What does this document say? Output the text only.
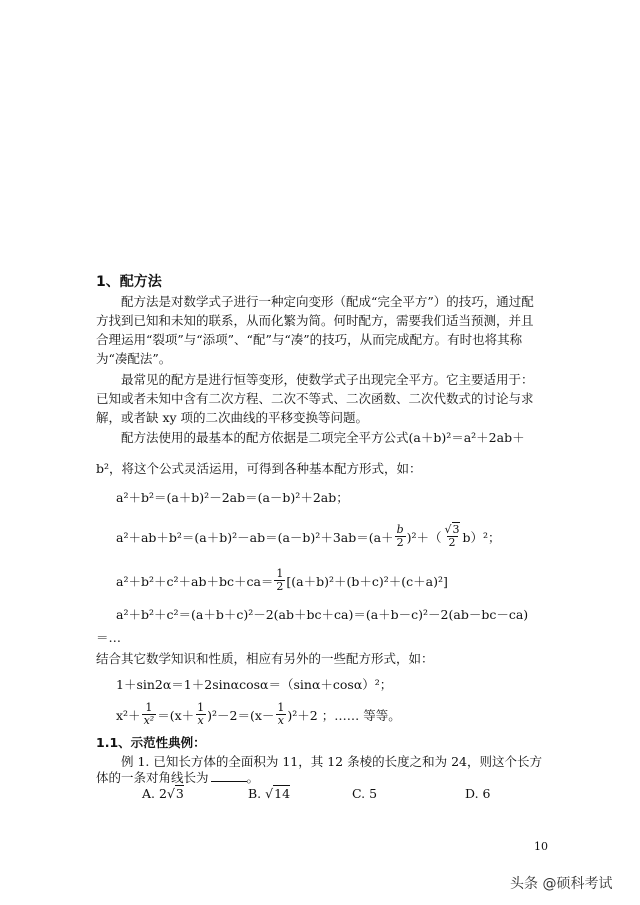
1、配方法
配方法是对数学式子进行一种定向变形（配成“完全平方”）的技巧，通过配方找到已知和未知的联系，从而化繁为简。何时配方，需要我们适当预测，并且合理运用“裂项”与“添项”、“配”与“凑”的技巧，从而完成配方。有时也将其称为“凑配法”。
最常见的配方是进行恒等变形，使数学式子出现完全平方。它主要适用于：已知或者未知中含有二次方程、二次不等式、二次函数、二次代数式的讨论与求解，或者缺 xy 项的二次曲线的平移变换等问题。
配方法使用的最基本的配方依据是二项完全平方公式(a＋b)²＝a²＋2ab＋
b²，将这个公式灵活运用，可得到各种基本配方形式，如：
a²＋b²＝(a＋b)²－2ab＝(a－b)²＋2ab；
$a^2+ab+b^2=(a+b)^2-ab=(a-b)^2+3ab=(a+ \frac{b}{2} )^2+( \frac{√3}{2} b)^2$；
$a^2+b^2+c^2+ab+bc+ca= \frac{1}{2} [(a+b)^2+(b+c)^2+(c+a)^2]$
a²＋b²＋c²＝(a＋b＋c)²－2(ab＋bc＋ca)＝(a＋b－c)²－2(ab－bc－ca)
＝…
结合其它数学知识和性质，相应有另外的一些配方形式，如：
1＋sin2α＝1＋2sinαcosα＝（sinα＋cosα）²；
$x^2+ \frac{1}{\text{x²}} =(x+ \frac{1}{x} )^2-2=(x- \frac{1}{x} )^2+2$ ；…… 等等。
1.1、示范性典例：
例 1. 已知长方体的全面积为 11，其 12 条棱的长度之和为 24，则这个长方
体的一条对角线长为	。
A. 2√3	B. √14	C. 5	D. 6
10
头条 @硕科考试
